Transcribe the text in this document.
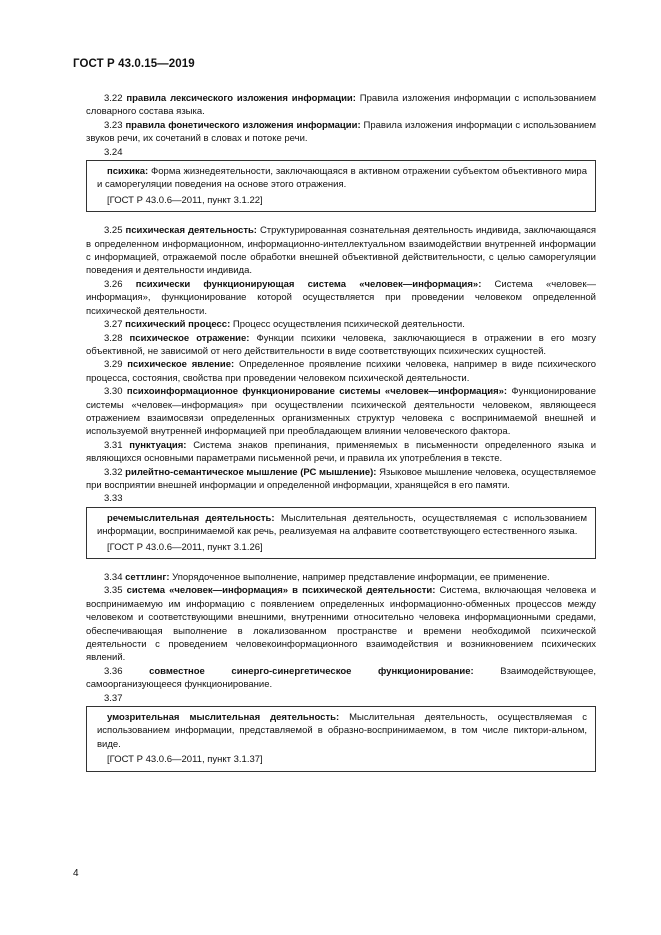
ГОСТ Р 43.0.15—2019

3.22 правила лексического изложения информации: Правила изложения информации с использованием словарного состава языка.

3.23 правила фонетического изложения информации: Правила изложения информации с использованием звуков речи, их сочетаний в словах и потоке речи.

3.24

психика: Форма жизнедеятельности, заключающаяся в активном отражении субъектом объективного мира и саморегуляции поведения на основе этого отражения.

[ГОСТ Р 43.0.6—2011, пункт 3.1.22]

3.25 психическая деятельность: Структурированная сознательная деятельность индивида, заключающаяся в определенном информационном, информационно-интеллектуальном взаимодействии внутренней информации с информацией, отражаемой после обработки внешней объективной действительности, с целью саморегуляции поведения и деятельности индивида.

3.26 психически функционирующая система «человек—информация»: Система «человек—информация», функционирование которой осуществляется при проведении человеком определенной психической деятельности.

3.27 психический процесс: Процесс осуществления психической деятельности.

3.28 психическое отражение: Функции психики человека, заключающиеся в отражении в его мозгу объективной, не зависимой от него действительности в виде соответствующих психических сущностей.

3.29 психическое явление: Определенное проявление психики человека, например в виде психического процесса, состояния, свойства при проведении человеком психической деятельности.

3.30 психоинформационное функционирование системы «человек—информация»: Функционирование системы «человек—информация» при осуществлении психической деятельности человеком, являющееся отражением взаимосвязи определенных организменных структур человека с воспринимаемой внешней и используемой внутренней информацией при преобладающем влиянии человеческого фактора.

3.31 пунктуация: Система знаков препинания, применяемых в письменности определенного языка и являющихся основными параметрами письменной речи, и правила их употребления в тексте.

3.32 рилейтно-семантическое мышление (РС мышление): Языковое мышление человека, осуществляемое при восприятии внешней информации и определенной информации, хранящейся в его памяти.

3.33

речемыслительная деятельность: Мыслительная деятельность, осуществляемая с использованием информации, воспринимаемой как речь, реализуемая на алфавите соответствующего естественного языка.

[ГОСТ Р 43.0.6—2011, пункт 3.1.26]

3.34 сеттлинг: Упорядоченное выполнение, например представление информации, ее применение.

3.35 система «человек—информация» в психической деятельности: Система, включающая человека и воспринимаемую им информацию с появлением определенных информационно-обменных процессов между человеком и соответствующими внешними, внутренними относительно человека информационными средами, обеспечивающая выполнение в локализованном пространстве и времени необходимой психической деятельности с проведением человекоинформационного взаимодействия и возникновением психических явлений.

3.36	совместное синерго-синергетическое функционирование: Взаимодействующее, самоорганизующееся функционирование.

3.37

умозрительная мыслительная деятельность: Мыслительная деятельность, осуществляемая с использованием информации, представляемой в образно-воспринимаемом, в том числе пиктори-альном, виде.

[ГОСТ Р 43.0.6—2011, пункт 3.1.37]

4
